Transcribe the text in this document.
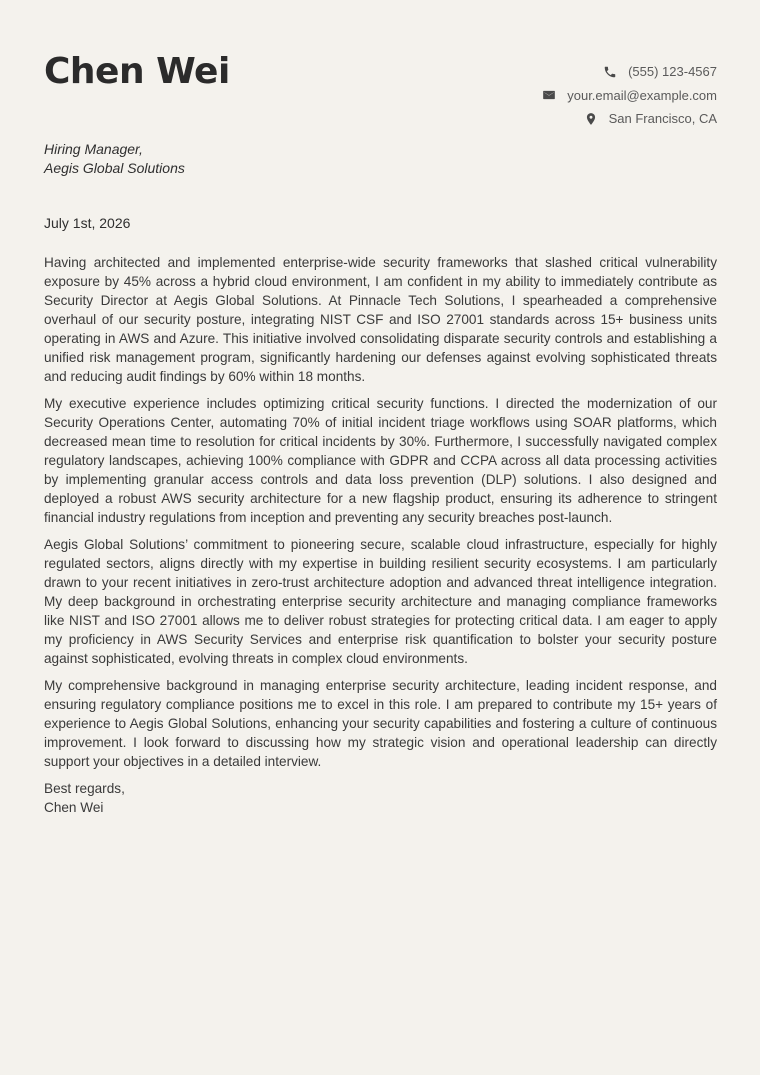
Chen Wei	(555) 123-4567
your.email@example.com
San Francisco, CA
Hiring Manager,
Aegis Global Solutions
July 1st, 2026

Having architected and implemented enterprise-wide security frameworks that slashed critical vulnerability exposure by 45% across a hybrid cloud environment, I am confident in my ability to immediately contribute as Security Director at Aegis Global Solutions. At Pinnacle Tech Solutions, I spearheaded a comprehensive overhaul of our security posture, integrating NIST CSF and ISO 27001 standards across 15+ business units operating in AWS and Azure. This initiative involved consolidating disparate security controls and establishing a unified risk management program, significantly hardening our defenses against evolving sophisticated threats and reducing audit findings by 60% within 18 months.

My executive experience includes optimizing critical security functions. I directed the modernization of our Security Operations Center, automating 70% of initial incident triage workflows using SOAR platforms, which decreased mean time to resolution for critical incidents by 30%. Furthermore, I successfully navigated complex regulatory landscapes, achieving 100% compliance with GDPR and CCPA across all data processing activities by implementing granular access controls and data loss prevention (DLP) solutions. I also designed and deployed a robust AWS security architecture for a new flagship product, ensuring its adherence to stringent financial industry regulations from inception and preventing any security breaches post-launch.

Aegis Global Solutions’ commitment to pioneering secure, scalable cloud infrastructure, especially for highly regulated sectors, aligns directly with my expertise in building resilient security ecosystems. I am particularly drawn to your recent initiatives in zero-trust architecture adoption and advanced threat intelligence integration. My deep background in orchestrating enterprise security architecture and managing compliance frameworks like NIST and ISO 27001 allows me to deliver robust strategies for protecting critical data. I am eager to apply my proficiency in AWS Security Services and enterprise risk quantification to bolster your security posture against sophisticated, evolving threats in complex cloud environments.

My comprehensive background in managing enterprise security architecture, leading incident response, and ensuring regulatory compliance positions me to excel in this role. I am prepared to contribute my 15+ years of experience to Aegis Global Solutions, enhancing your security capabilities and fostering a culture of continuous improvement. I look forward to discussing how my strategic vision and operational leadership can directly support your objectives in a detailed interview.

Best regards,
Chen Wei
